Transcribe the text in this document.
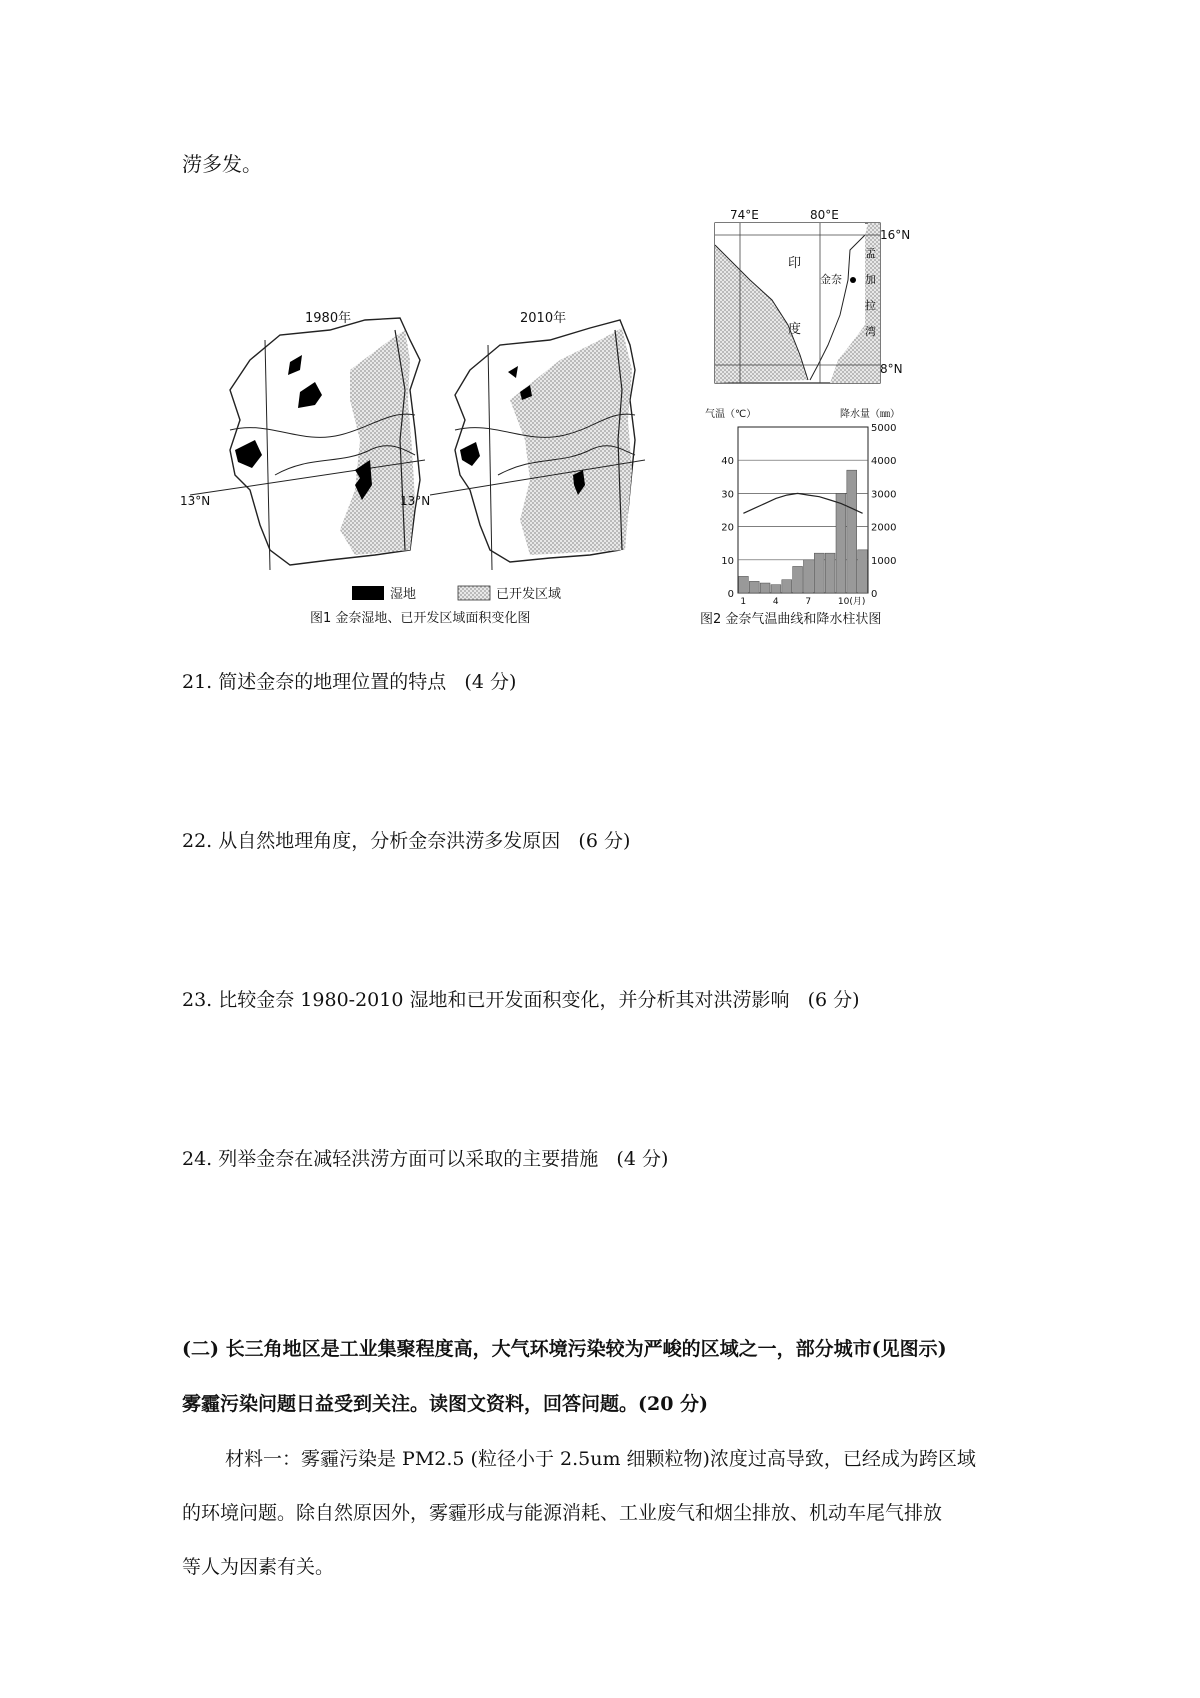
涝多发。
1980年
13°N
2010年
13°N
湿地	已开发区域
图1 金奈湿地、已开发区域面积变化图
74°E	80°E
16°N
8°N
印
度
金奈
孟
加
拉
湾
气温（℃）	降水量（㎜）
0
10
20
30
40
0
1000
2000
3000
4000
5000
1	4	7	10(月)
图2 金奈气温曲线和降水柱状图
21. 简述金奈的地理位置的特点 (4 分)
22. 从自然地理角度，分析金奈洪涝多发原因 (6 分)
23. 比较金奈 1980-2010 湿地和已开发面积变化，并分析其对洪涝影响 (6 分)
24. 列举金奈在减轻洪涝方面可以采取的主要措施 (4 分)
(二) 长三角地区是工业集聚程度高，大气环境污染较为严峻的区域之一，部分城市(见图示)
雾霾污染问题日益受到关注。读图文资料，回答问题。(20 分)
材料一：雾霾污染是 PM2.5 (粒径小于 2.5um 细颗粒物)浓度过高导致，已经成为跨区域
的环境问题。除自然原因外，雾霾形成与能源消耗、工业废气和烟尘排放、机动车尾气排放
等人为因素有关。
